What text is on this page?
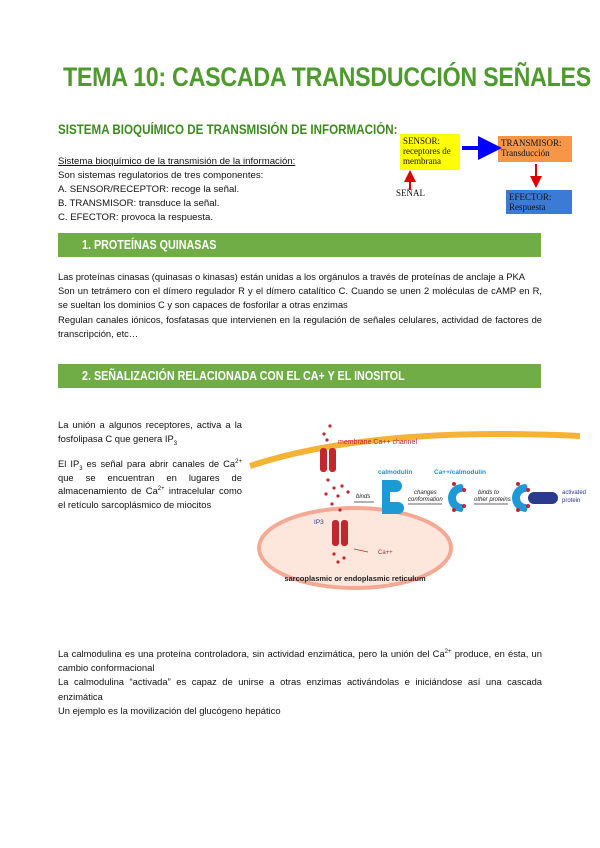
TEMA 10: CASCADA TRANSDUCCIÓN SEÑALES
SISTEMA BIOQUÍMICO DE TRANSMISIÓN DE INFORMACIÓN:
Sistema bioquímico de la transmisión de la información:
Son sistemas regulatorios de tres componentes:
A. SENSOR/RECEPTOR: recoge la señal.
B. TRANSMISOR: transduce la señal.
C. EFECTOR: provoca la respuesta.
SENSOR: receptores de membrana
TRANSMISOR: Transducción
EFECTOR: Respuesta
SEÑAL
1. PROTEÍNAS QUINASAS
Las proteínas cinasas (quinasas o kinasas) están unidas a los orgánulos a través de proteínas de anclaje a PKA
Son un tetrámero con el dímero regulador R y el dímero catalítico C. Cuando se unen 2 moléculas de cAMP en R, se sueltan los dominios C y son capaces de fosforilar a otras enzimas
Regulan canales iónicos, fosfatasas que intervienen en la regulación de señales celulares, actividad de factores de transcripción, etc…
2. SEÑALIZACIÓN RELACIONADA CON EL CA+ Y EL INOSITOL

La unión a algunos receptores, activa a la fosfolipasa C que genera $IP_3$

El $IP_3$ es señal para abrir canales de $Ca^{2+}$ que se encuentran en lugares de almacenamiento de $Ca^{2+}$ intracelular como el retículo sarcoplásmico de miocitos

sarcoplasmic or endoplasmic reticulum
membrane Ca++ channel
IP3
Ca++
calmodulin
binds
Ca++/calmodulin
changes
conformation
binds to
other proteins
activated
protein
La calmodulina es una proteína controladora, sin actividad enzimática, pero la unión del $Ca^{2+}$ produce, en ésta, un cambio conformacional
La calmodulina “activada” es capaz de unirse a otras enzimas activándolas e iniciándose así una cascada enzimática
Un ejemplo es la movilización del glucógeno hepático
